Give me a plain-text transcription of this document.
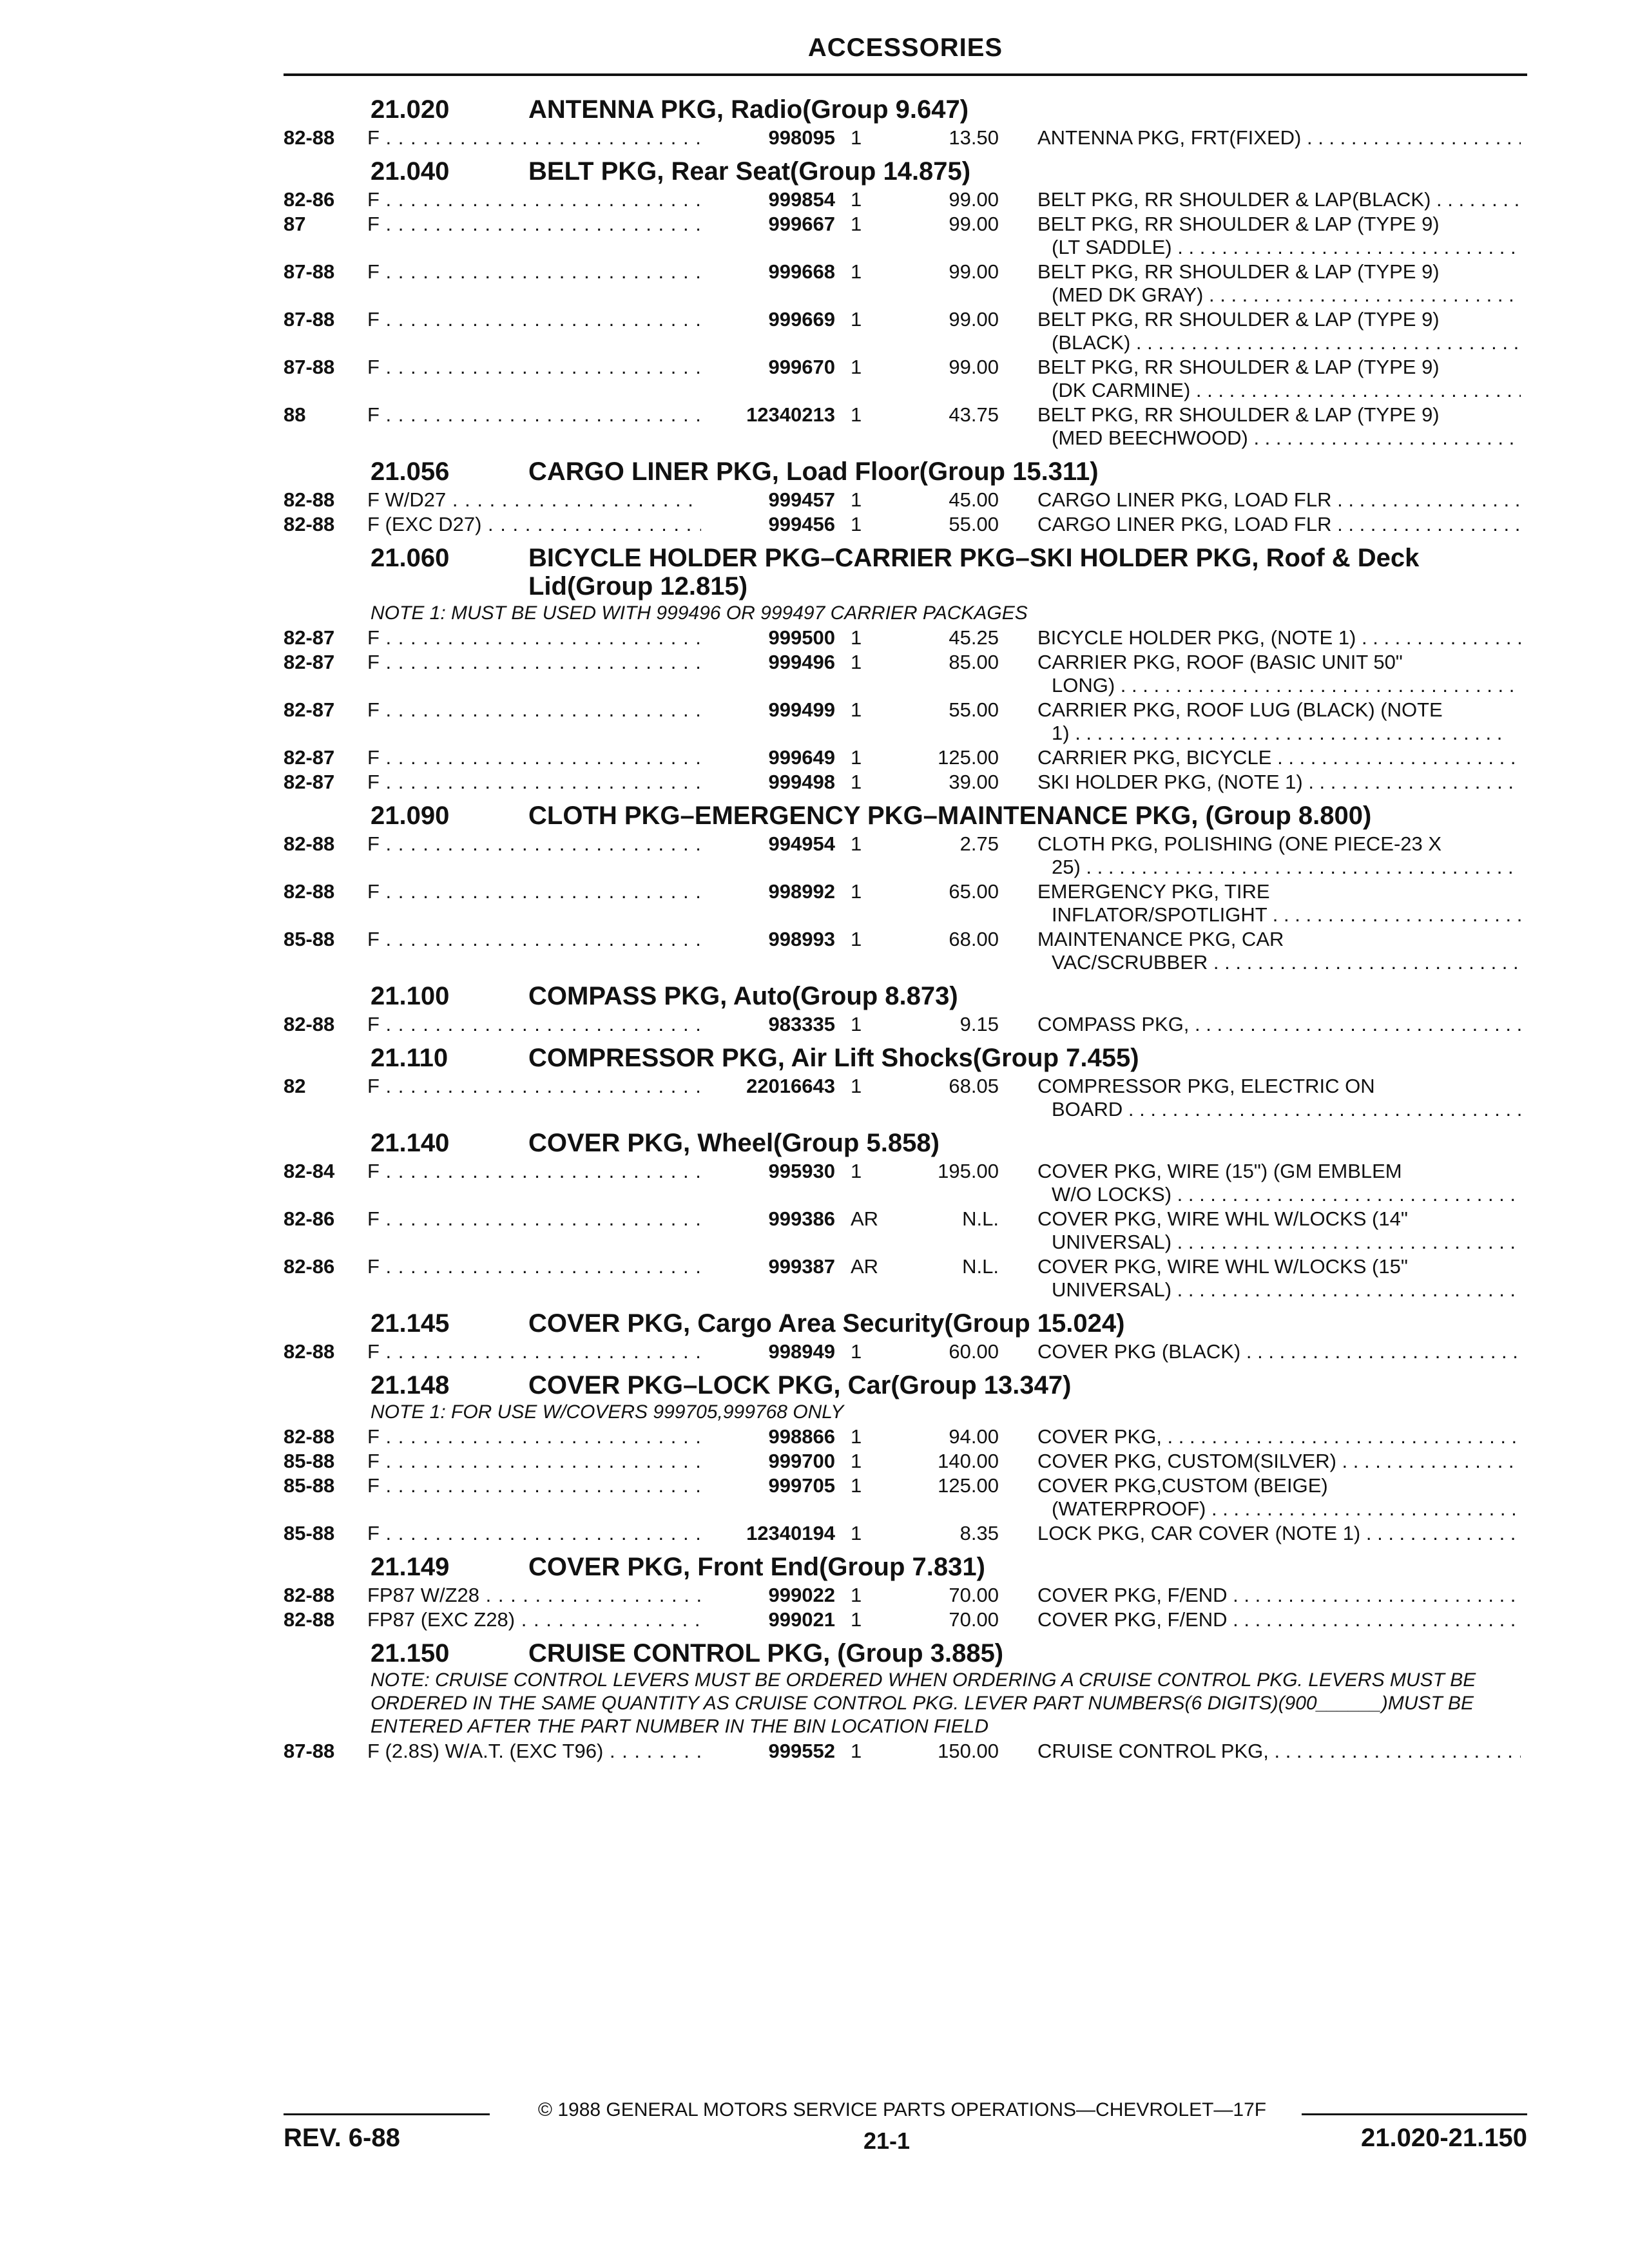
ACCESSORIES
21.020	ANTENNA PKG, Radio(Group 9.647)
82-88	F . . .	998095 1	13.50 ANTENNA PKG, FRT(FIXED) . . .
21.040	BELT PKG, Rear Seat(Group 14.875)
82-86	F . . .	999854 1	99.00 BELT PKG, RR SHOULDER & LAP(BLACK) . . .
87	F . . .	999667 1	99.00 BELT PKG, RR SHOULDER & LAP (TYPE 9)
(LT SADDLE) . . .
87-88	F . . .	999668 1	99.00 BELT PKG, RR SHOULDER & LAP (TYPE 9)
(MED DK GRAY) . . .
87-88	F . . .	999669 1	99.00 BELT PKG, RR SHOULDER & LAP (TYPE 9)
(BLACK) . . .
87-88	F . . .	999670 1	99.00 BELT PKG, RR SHOULDER & LAP (TYPE 9)
(DK CARMINE) . . .
88	F . . .	12340213 1	43.75 BELT PKG, RR SHOULDER & LAP (TYPE 9)
(MED BEECHWOOD) . . .
21.056	CARGO LINER PKG, Load Floor(Group 15.311)
82-88	F W/D27 . . .	999457 1	45.00 CARGO LINER PKG, LOAD FLR . . .
82-88	F (EXC D27) . . .	999456 1	55.00 CARGO LINER PKG, LOAD FLR . . .
21.060	BICYCLE HOLDER PKG–CARRIER PKG–SKI HOLDER PKG, Roof & Deck Lid(Group 12.815)
NOTE 1: MUST BE USED WITH 999496 OR 999497 CARRIER PACKAGES
82-87	F . . .	999500 1	45.25 BICYCLE HOLDER PKG, (NOTE 1) . . .
82-87	F . . .	999496 1	85.00 CARRIER PKG, ROOF (BASIC UNIT 50"
LONG) . . .
82-87	F . . .	999499 1	55.00 CARRIER PKG, ROOF LUG (BLACK) (NOTE
1) . . .
82-87	F . . .	999649 1	125.00 CARRIER PKG, BICYCLE . . .
82-87	F . . .	999498 1	39.00 SKI HOLDER PKG, (NOTE 1) . . .
21.090	CLOTH PKG–EMERGENCY PKG–MAINTENANCE PKG, (Group 8.800)
82-88	F . . .	994954 1	2.75 CLOTH PKG, POLISHING (ONE PIECE-23 X
25) . . .
82-88	F . . .	998992 1	65.00 EMERGENCY PKG, TIRE
INFLATOR/SPOTLIGHT . . .
85-88	F . . .	998993 1	68.00 MAINTENANCE PKG, CAR
VAC/SCRUBBER . . .
21.100	COMPASS PKG, Auto(Group 8.873)
82-88	F . . .	983335 1	9.15 COMPASS PKG, . . .
21.110	COMPRESSOR PKG, Air Lift Shocks(Group 7.455)
82	F . . .	22016643 1	68.05 COMPRESSOR PKG, ELECTRIC ON
BOARD . . .
21.140	COVER PKG, Wheel(Group 5.858)
82-84	F . . .	995930 1	195.00 COVER PKG, WIRE (15") (GM EMBLEM
W/O LOCKS) . . .
82-86	F . . .	999386 AR	N.L. COVER PKG, WIRE WHL W/LOCKS (14"
UNIVERSAL) . . .
82-86	F . . .	999387 AR	N.L. COVER PKG, WIRE WHL W/LOCKS (15"
UNIVERSAL) . . .
21.145	COVER PKG, Cargo Area Security(Group 15.024)
82-88	F . . .	998949 1	60.00 COVER PKG (BLACK) . . .
21.148	COVER PKG–LOCK PKG, Car(Group 13.347)
NOTE 1: FOR USE W/COVERS 999705,999768 ONLY
82-88	F . . .	998866 1	94.00 COVER PKG, . . .
85-88	F . . .	999700 1	140.00 COVER PKG, CUSTOM(SILVER) . . .
85-88	F . . .	999705 1	125.00 COVER PKG,CUSTOM (BEIGE)
(WATERPROOF) . . .
85-88	F . . .	12340194 1	8.35 LOCK PKG, CAR COVER (NOTE 1) . . .
21.149	COVER PKG, Front End(Group 7.831)
82-88	FP87 W/Z28 . . .	999022 1	70.00 COVER PKG, F/END . . .
82-88	FP87 (EXC Z28) . . .	999021 1	70.00 COVER PKG, F/END . . .
21.150	CRUISE CONTROL PKG, (Group 3.885)
NOTE: CRUISE CONTROL LEVERS MUST BE ORDERED WHEN ORDERING A CRUISE CONTROL PKG. LEVERS MUST BE ORDERED IN THE SAME QUANTITY AS CRUISE CONTROL PKG. LEVER PART NUMBERS(6 DIGITS)(900______)MUST BE ENTERED AFTER THE PART NUMBER IN THE BIN LOCATION FIELD
87-88	F (2.8S) W/A.T. (EXC T96) . . .	999552 1	150.00 CRUISE CONTROL PKG, . . .
© 1988 GENERAL MOTORS SERVICE PARTS OPERATIONS—CHEVROLET—17F
REV. 6-88	21-1	21.020-21.150
